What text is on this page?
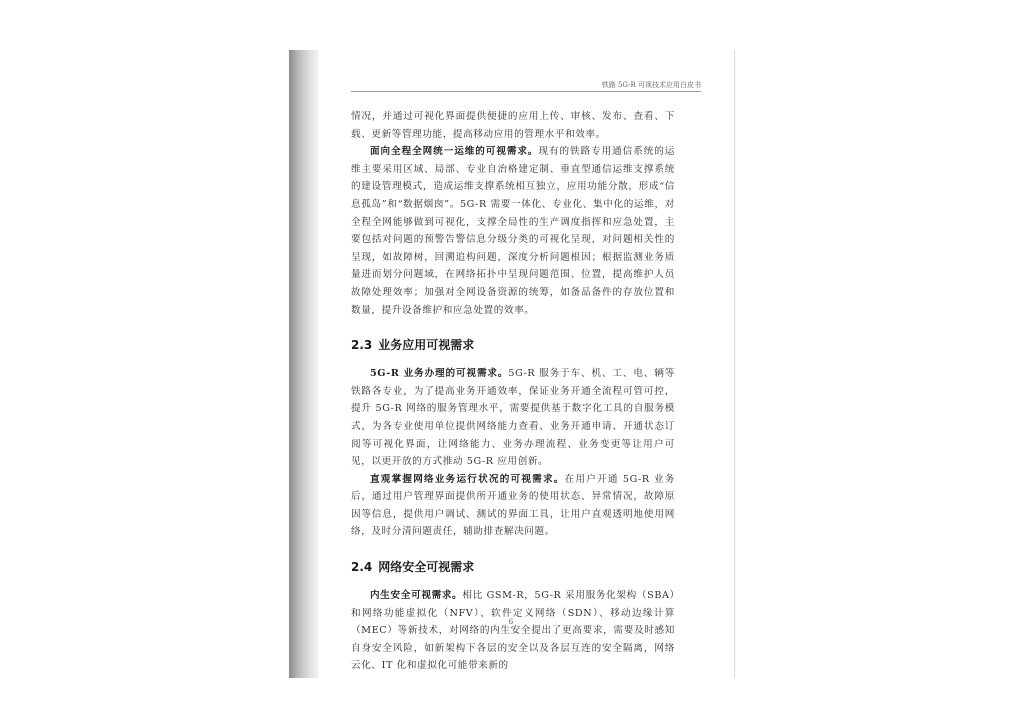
铁路 5G-R 可视技术应用白皮书

情况，并通过可视化界面提供便捷的应用上传、审核、发布、查看、下载、更新等管理功能，提高移动应用的管理水平和效率。

面向全程全网统一运维的可视需求。现有的铁路专用通信系统的运维主要采用区域、局部、专业自治格建定制、垂直型通信运维支撑系统的建设管理模式，造成运维支撑系统相互独立，应用功能分散，形成“信息孤岛”和“数据烟囱”。5G-R 需要一体化、专业化、集中化的运维，对全程全网能够做到可视化，支撑全局性的生产调度指挥和应急处置，主要包括对问题的预警告警信息分级分类的可视化呈现，对问题相关性的呈现，如故障树，回溯追构问题，深度分析问题根因；根据监测业务质量进而划分问题域，在网络拓扑中呈现问题范围、位置，提高维护人员故障处理效率；加强对全网设备资源的统筹，如备品备件的存放位置和数量，提升设备维护和应急处置的效率。

2.3 业务应用可视需求

5G-R 业务办理的可视需求。5G-R 服务于车、机、工、电、辆等铁路各专业，为了提高业务开通效率，保证业务开通全流程可管可控，提升 5G-R 网络的服务管理水平，需要提供基于数字化工具的自服务模式，为各专业使用单位提供网络能力查看、业务开通申请、开通状态订阅等可视化界面，让网络能力、业务办理流程、业务变更等让用户可见，以更开放的方式推动 5G-R 应用创新。

直观掌握网络业务运行状况的可视需求。在用户开通 5G-R 业务后，通过用户管理界面提供所开通业务的使用状态、异常情况，故障原因等信息，提供用户调试、测试的界面工具，让用户直观透明地使用网络，及时分清问题责任，辅助排查解决问题。

2.4 网络安全可视需求

内生安全可视需求。相比 GSM-R，5G-R 采用服务化架构（SBA）和网络功能虚拟化（NFV）、软件定义网络（SDN）、移动边缘计算（MEC）等新技术，对网络的内生安全提出了更高要求，需要及时感知自身安全风险，如新架构下各层的安全以及各层互连的安全隔离，网络云化、IT 化和虚拟化可能带来新的

6
